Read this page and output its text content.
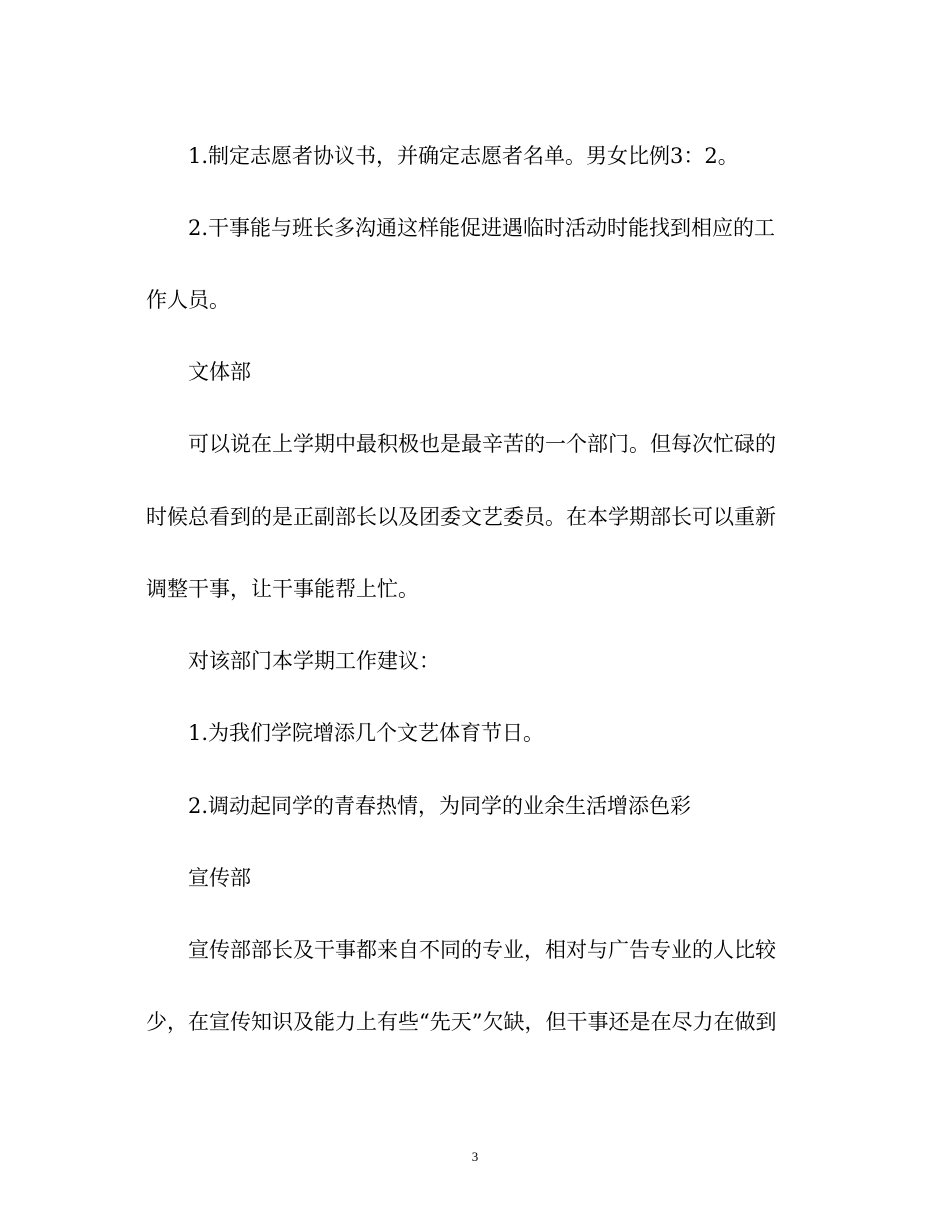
1.制定志愿者协议书，并确定志愿者名单。男女比例3：2。

2.干事能与班长多沟通这样能促进遇临时活动时能找到相应的工

作人员。

文体部

可以说在上学期中最积极也是最辛苦的一个部门。但每次忙碌的

时候总看到的是正副部长以及团委文艺委员。在本学期部长可以重新

调整干事，让干事能帮上忙。

对该部门本学期工作建议：

1.为我们学院增添几个文艺体育节日。

2.调动起同学的青春热情，为同学的业余生活增添色彩

宣传部

宣传部部长及干事都来自不同的专业，相对与广告专业的人比较

少，在宣传知识及能力上有些“先天”欠缺，但干事还是在尽力在做到

3
